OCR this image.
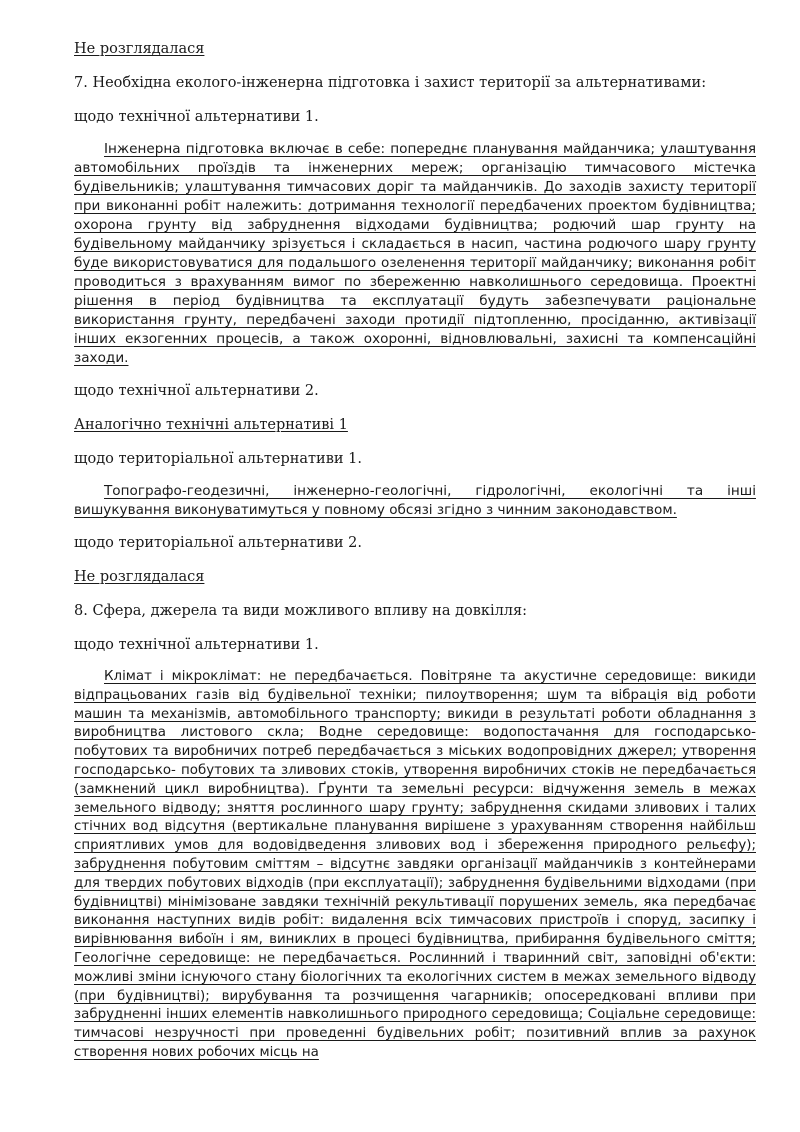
Не розглядалася

7. Необхідна еколого-інженерна підготовка і захист території за альтернативами:

щодо технічної альтернативи 1.

Інженерна підготовка включає в себе: попереднє планування майданчика; улаштування автомобільних проїздів та інженерних мереж; організацію тимчасового містечка будівельників; улаштування тимчасових доріг та майданчиків. До заходів захисту території при виконанні робіт належить: дотримання технології передбачених проектом будівництва; охорона грунту від забруднення відходами будівництва; родючий шар грунту на будівельному майданчику зрізується і складається в насип, частина родючого шару грунту буде використовуватися для подальшого озеленення території майданчику; виконання робіт проводиться з врахуванням вимог по збереженню навколишнього середовища. Проектні рішення в період будівництва та експлуатації будуть забезпечувати раціональне використання грунту, передбачені заходи протидії підтопленню, просіданню, активізації інших екзогенних процесів, а також охоронні, відновлювальні, захисні та компенсаційні заходи.

щодо технічної альтернативи 2.

Аналогічно технічні альтернативі 1

щодо територіальної альтернативи 1.

Топографо-геодезичні, інженерно-геологічні, гідрологічні, екологічні та інші вишукування виконуватимуться у повному обсязі згідно з чинним законодавством.

щодо територіальної альтернативи 2.

Не розглядалася

8. Сфера, джерела та види можливого впливу на довкілля:

щодо технічної альтернативи 1.

Клімат і мікроклімат: не передбачається. Повітряне та акустичне середовище: викиди відпрацьованих газів від будівельної техніки; пилоутворення; шум та вібрація від роботи машин та механізмів, автомобільного транспорту; викиди в результаті роботи обладнання з виробництва листового скла; Водне середовище: водопостачання для господарсько-побутових та виробничих потреб передбачається з міських водопровідних джерел; утворення господарсько- побутових та зливових стоків, утворення виробничих стоків не передбачається (замкнений цикл виробництва). Ґрунти та земельні ресурси: відчуження земель в межах земельного відводу; зняття рослинного шару грунту; забруднення скидами зливових і талих стічних вод відсутня (вертикальне планування вирішене з урахуванням створення найбільш сприятливих умов для водовідведення зливових вод і збереження природного рельєфу); забруднення побутовим сміттям – відсутнє завдяки організації майданчиків з контейнерами для твердих побутових відходів (при експлуатації); забруднення будівельними відходами (при будівництві) мінімізоване завдяки технічній рекультивації порушених земель, яка передбачає виконання наступних видів робіт: видалення всіх тимчасових пристроїв і споруд, засипку і вирівнювання вибоїн і ям, виниклих в процесі будівництва, прибирання будівельного сміття; Геологічне середовище: не передбачається. Рослинний і тваринний світ, заповідні об'єкти: можливі зміни існуючого стану біологічних та екологічних систем в межах земельного відводу (при будівництві); вирубування та розчищення чагарників; опосередковані впливи при забрудненні інших елементів навколишнього природного середовища; Соціальне середовище: тимчасові незручності при проведенні будівельних робіт; позитивний вплив за рахунок створення нових робочих місць на
